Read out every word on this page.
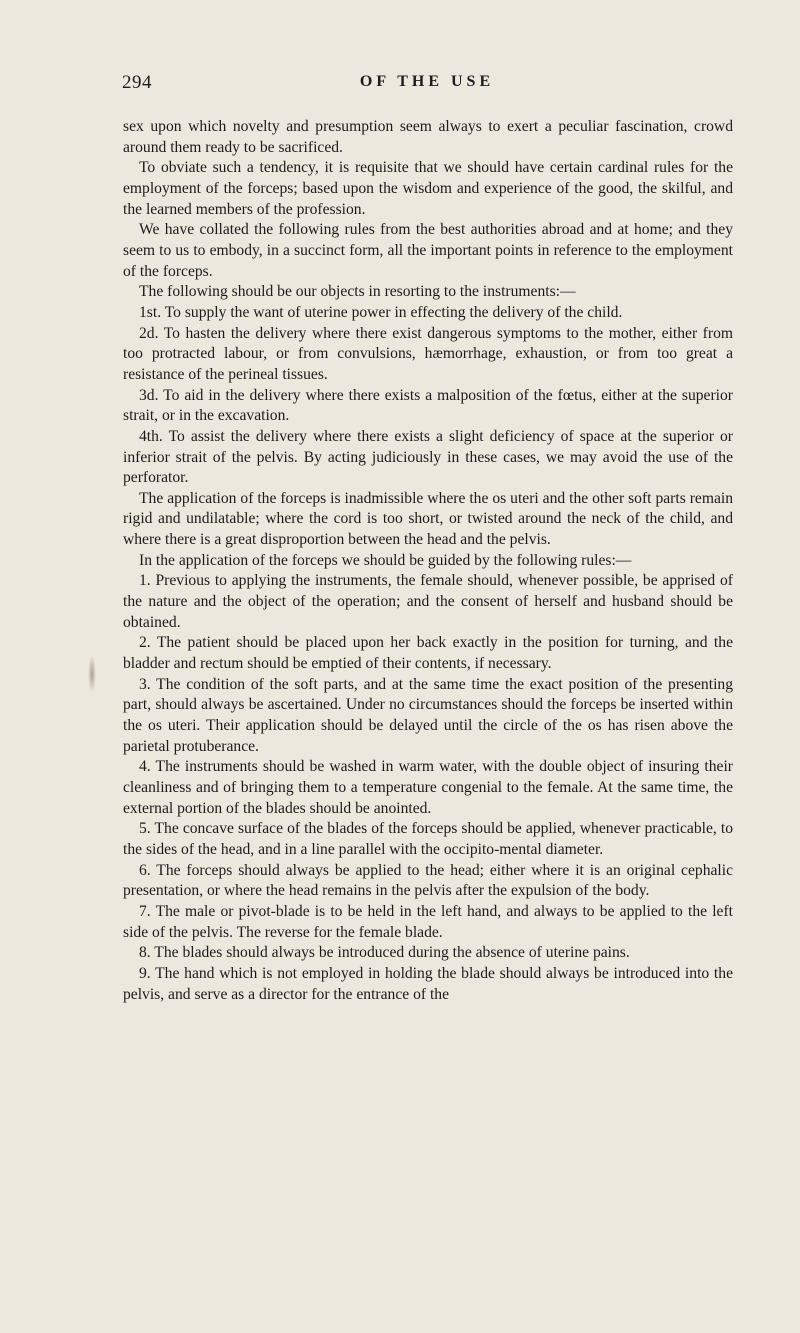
294	OF THE USE

sex upon which novelty and presumption seem always to exert a peculiar fascination, crowd around them ready to be sacrificed.

To obviate such a tendency, it is requisite that we should have certain cardinal rules for the employment of the forceps; based upon the wisdom and experience of the good, the skilful, and the learned members of the profession.

We have collated the following rules from the best authorities abroad and at home; and they seem to us to embody, in a succinct form, all the important points in reference to the employment of the forceps.

The following should be our objects in resorting to the instruments:—

1st. To supply the want of uterine power in effecting the delivery of the child.

2d. To hasten the delivery where there exist dangerous symptoms to the mother, either from too protracted labour, or from convulsions, hæmorrhage, exhaustion, or from too great a resistance of the perineal tissues.

3d. To aid in the delivery where there exists a malposition of the fœtus, either at the superior strait, or in the excavation.

4th. To assist the delivery where there exists a slight deficiency of space at the superior or inferior strait of the pelvis. By acting judiciously in these cases, we may avoid the use of the perforator.

The application of the forceps is inadmissible where the os uteri and the other soft parts remain rigid and undilatable; where the cord is too short, or twisted around the neck of the child, and where there is a great disproportion between the head and the pelvis.

In the application of the forceps we should be guided by the following rules:—

1. Previous to applying the instruments, the female should, whenever possible, be apprised of the nature and the object of the operation; and the consent of herself and husband should be obtained.

2. The patient should be placed upon her back exactly in the position for turning, and the bladder and rectum should be emptied of their contents, if necessary.

3. The condition of the soft parts, and at the same time the exact position of the presenting part, should always be ascertained. Under no circumstances should the forceps be inserted within the os uteri. Their application should be delayed until the circle of the os has risen above the parietal protuberance.

4. The instruments should be washed in warm water, with the double object of insuring their cleanliness and of bringing them to a temperature congenial to the female. At the same time, the external portion of the blades should be anointed.

5. The concave surface of the blades of the forceps should be applied, whenever practicable, to the sides of the head, and in a line parallel with the occipito-mental diameter.

6. The forceps should always be applied to the head; either where it is an original cephalic presentation, or where the head remains in the pelvis after the expulsion of the body.

7. The male or pivot-blade is to be held in the left hand, and always to be applied to the left side of the pelvis. The reverse for the female blade.

8. The blades should always be introduced during the absence of uterine pains.

9. The hand which is not employed in holding the blade should always be introduced into the pelvis, and serve as a director for the entrance of the
